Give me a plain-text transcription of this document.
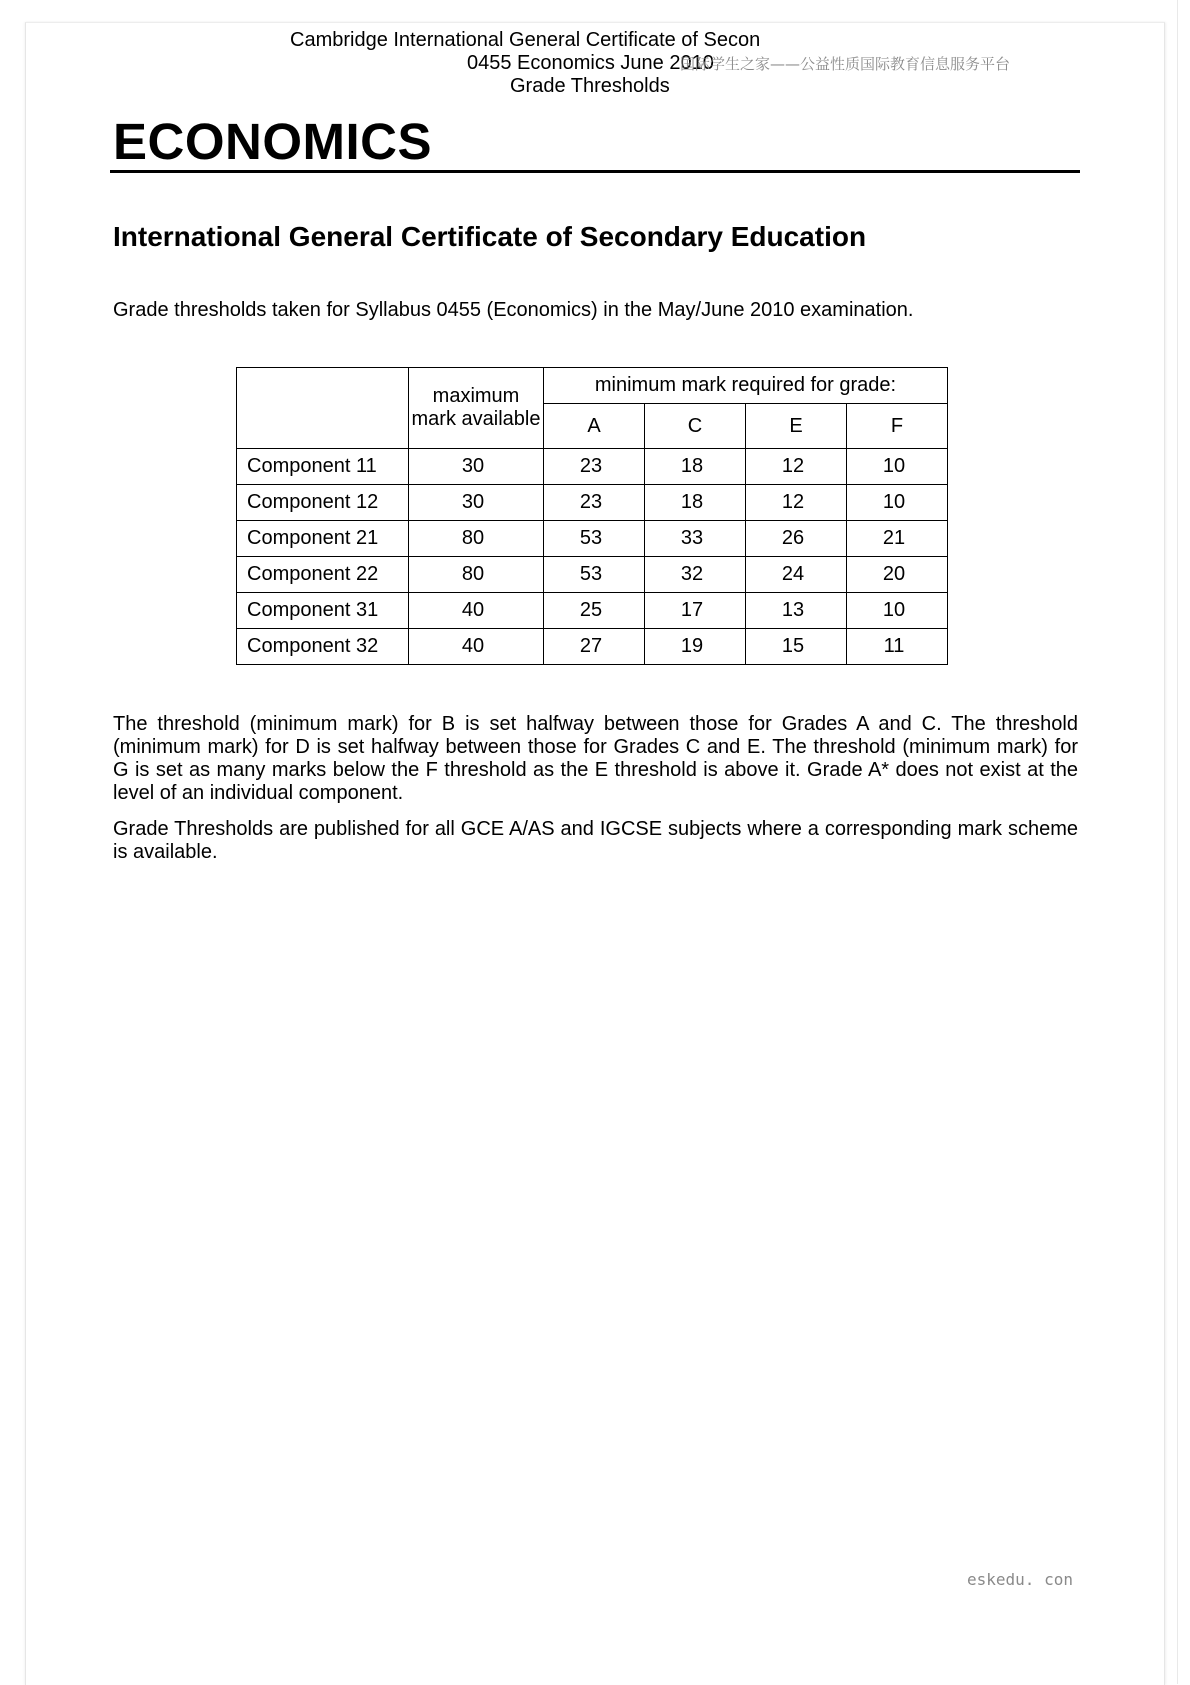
Cambridge International General Certificate of Secon
0455 Economics June 2010
Grade Thresholds
国际学生之家——公益性质国际教育信息服务平台
ECONOMICS
International General Certificate of Secondary Education
Grade thresholds taken for Syllabus 0455 (Economics) in the May/June 2010 examination.
	maximum mark available	minimum mark required for grade:			
		A	C	E	F
Component 11	30	23	18	12	10
Component 12	30	23	18	12	10
Component 21	80	53	33	26	21
Component 22	80	53	32	24	20
Component 31	40	25	17	13	10
Component 32	40	27	19	15	11
The threshold (minimum mark) for B is set halfway between those for Grades A and C. The threshold (minimum mark) for D is set halfway between those for Grades C and E. The threshold (minimum mark) for G is set as many marks below the F threshold as the E threshold is above it. Grade A* does not exist at the level of an individual component.
Grade Thresholds are published for all GCE A/AS and IGCSE subjects where a corresponding mark scheme is available.
eskedu. con
